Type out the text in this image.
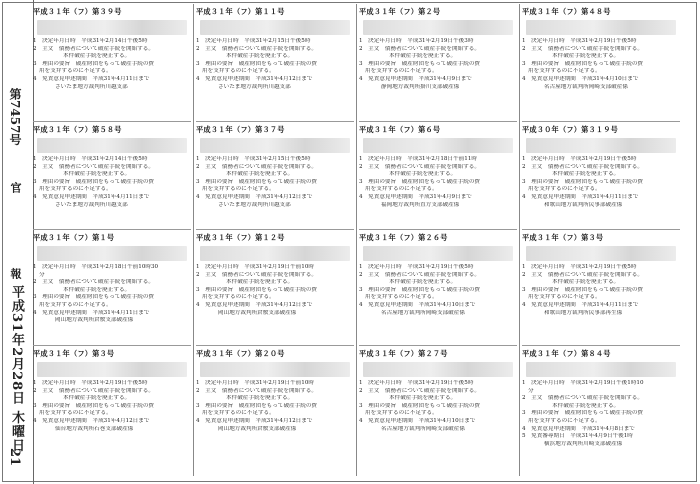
第7457号
官　報
平成31年2月28日 木曜日
21
平成３１年（フ）第３９号
1　決定年月日時　平成31年2月14日午後5時
2　主文　債務者について破産手続を開始する。
本件破産手続を廃止する。
3　理由の要旨　破産財団をもって破産手続の費
用を支弁するのに不足する。
4　免責意見申述期間　平成31年4月11日まで
さいたま地方裁判所川越支部
平成３１年（フ）第５８号
1　決定年月日時　平成31年2月14日午後5時
2　主文　債務者について破産手続を開始する。
本件破産手続を廃止する。
3　理由の要旨　破産財団をもって破産手続の費
用を支弁するのに不足する。
4　免責意見申述期間　平成31年4月11日まで
さいたま地方裁判所川越支部
平成３１年（フ）第１号
1　決定年月日時　平成31年2月18日午前10時30
分
2　主文　債務者について破産手続を開始する。
本件破産手続を廃止する。
3　理由の要旨　破産財団をもって破産手続の費
用を支弁するのに不足する。
4　免責意見申述期間　平成31年4月11日まで
岡山地方裁判所倉敷支部破産係
平成３１年（フ）第３号
1　決定年月日時　平成31年2月19日午後5時
2　主文　債務者について破産手続を開始する。
本件破産手続を廃止する。
3　理由の要旨　破産財団をもって破産手続の費
用を支弁するのに不足する。
4　免責意見申述期間　平成31年4月12日まで
仙台地方裁判所石巻支部破産係
平成３１年（フ）第１１号
1　決定年月日時　平成31年2月15日午後5時
2　主文　債務者について破産手続を開始する。
本件破産手続を廃止する。
3　理由の要旨　破産財団をもって破産手続の費
用を支弁するのに不足する。
4　免責意見申述期間　平成31年4月12日まで
さいたま地方裁判所川越支部
平成３１年（フ）第３７号
1　決定年月日時　平成31年2月15日午後5時
2　主文　債務者について破産手続を開始する。
本件破産手続を廃止する。
3　理由の要旨　破産財団をもって破産手続の費
用を支弁するのに不足する。
4　免責意見申述期間　平成31年4月12日まで
さいたま地方裁判所川越支部
平成３１年（フ）第１２号
1　決定年月日時　平成31年2月19日午前10時
2　主文　債務者について破産手続を開始する。
本件破産手続を廃止する。
3　理由の要旨　破産財団をもって破産手続の費
用を支弁するのに不足する。
4　免責意見申述期間　平成31年4月12日まで
岡山地方裁判所倉敷支部破産係
平成３１年（フ）第２０号
1　決定年月日時　平成31年2月19日午前10時
2　主文　債務者について破産手続を開始する。
本件破産手続を廃止する。
3　理由の要旨　破産財団をもって破産手続の費
用を支弁するのに不足する。
4　免責意見申述期間　平成31年4月12日まで
岡山地方裁判所倉敷支部破産係
平成３１年（フ）第２号
1　決定年月日時　平成31年2月19日午後3時
2　主文　債務者について破産手続を開始する。
本件破産手続を廃止する。
3　理由の要旨　破産財団をもって破産手続の費
用を支弁するのに不足する。
4　免責意見申述期間　平成31年4月9日まで
静岡地方裁判所掛川支部破産係
平成３１年（フ）第６号
1　決定年月日時　平成31年2月18日午前11時
2　主文　債務者について破産手続を開始する。
本件破産手続を廃止する。
3　理由の要旨　破産財団をもって破産手続の費
用を支弁するのに不足する。
4　免責意見申述期間　平成31年4月9日まで
福岡地方裁判所直方支部破産係
平成３１年（フ）第２６号
1　決定年月日時　平成31年2月19日午後5時
2　主文　債務者について破産手続を開始する。
本件破産手続を廃止する。
3　理由の要旨　破産財団をもって破産手続の費
用を支弁するのに不足する。
4　免責意見申述期間　平成31年4月10日まで
名古屋地方裁判所岡崎支部破産係
平成３１年（フ）第２７号
1　決定年月日時　平成31年2月19日午後5時
2　主文　債務者について破産手続を開始する。
本件破産手続を廃止する。
3　理由の要旨　破産財団をもって破産手続の費
用を支弁するのに不足する。
4　免責意見申述期間　平成31年4月10日まで
名古屋地方裁判所岡崎支部破産係
平成３１年（フ）第４８号
1　決定年月日時　平成31年2月19日午後5時
2　主文　債務者について破産手続を開始する。
本件破産手続を廃止する。
3　理由の要旨　破産財団をもって破産手続の費
用を支弁するのに不足する。
4　免責意見申述期間　平成31年4月10日まで
名古屋地方裁判所岡崎支部破産係
平成３０年（フ）第３１９号
1　決定年月日時　平成31年2月19日午後5時
2　主文　債務者について破産手続を開始する。
本件破産手続を廃止する。
3　理由の要旨　破産財団をもって破産手続の費
用を支弁するのに不足する。
4　免責意見申述期間　平成31年4月11日まで
和歌山地方裁判所民事部破産係
平成３１年（フ）第３号
1　決定年月日時　平成31年2月19日午後5時
2　主文　債務者について破産手続を開始する。
本件破産手続を廃止する。
3　理由の要旨　破産財団をもって破産手続の費
用を支弁するのに不足する。
4　免責意見申述期間　平成31年4月11日まで
和歌山地方裁判所民事部再生係
平成３１年（フ）第８４号
1　決定年月日時　平成31年2月19日午後1時10
分
2　主文　債務者について破産手続を開始する。
本件破産手続を廃止する。
3　理由の要旨　破産財団をもって破産手続の費
用を支弁するのに不足する。
4　免責意見申述期間　平成31年4月8日まで
5　免責審尋期日　平成31年4月9日午後1時
横浜地方裁判所川崎支部破産係
